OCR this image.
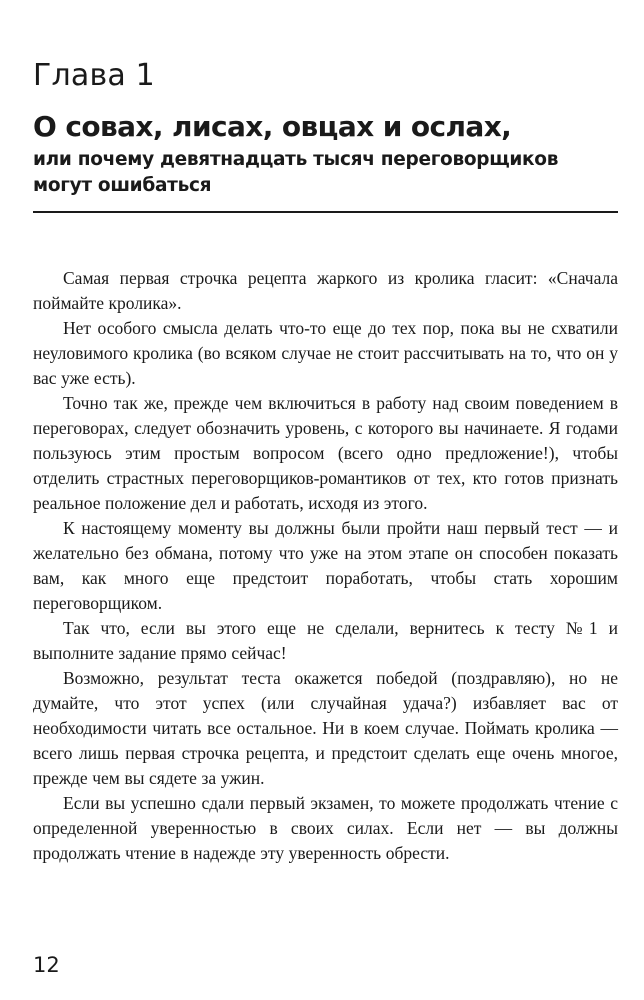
Глава 1
О совах, лисах, овцах и ослах,
или почему девятнадцать тысяч переговорщиков могут ошибаться

Самая первая строчка рецепта жаркого из кролика гласит: «Сначала поймайте кролика».

Нет особого смысла делать что-то еще до тех пор, пока вы не схватили неуловимого кролика (во всяком случае не стоит рассчитывать на то, что он у вас уже есть).

Точно так же, прежде чем включиться в работу над своим поведением в переговорах, следует обозначить уровень, с которого вы начинаете. Я годами пользуюсь этим простым вопросом (всего одно предложение!), чтобы отделить страстных переговорщиков-романтиков от тех, кто готов признать реальное положение дел и работать, исходя из этого.

К настоящему моменту вы должны были пройти наш первый тест — и желательно без обмана, потому что уже на этом этапе он способен показать вам, как много еще предстоит поработать, чтобы стать хорошим переговорщиком.

Так что, если вы этого еще не сделали, вернитесь к тесту №1 и выполните задание прямо сейчас!

Возможно, результат теста окажется победой (поздравляю), но не думайте, что этот успех (или случайная удача?) избавляет вас от необходимости читать все остальное. Ни в коем случае. Поймать кролика — всего лишь первая строчка рецепта, и предстоит сделать еще очень многое, прежде чем вы сядете за ужин.

Если вы успешно сдали первый экзамен, то можете продолжать чтение с определенной уверенностью в своих силах. Если нет — вы должны продолжать чтение в надежде эту уверенность обрести.

12
